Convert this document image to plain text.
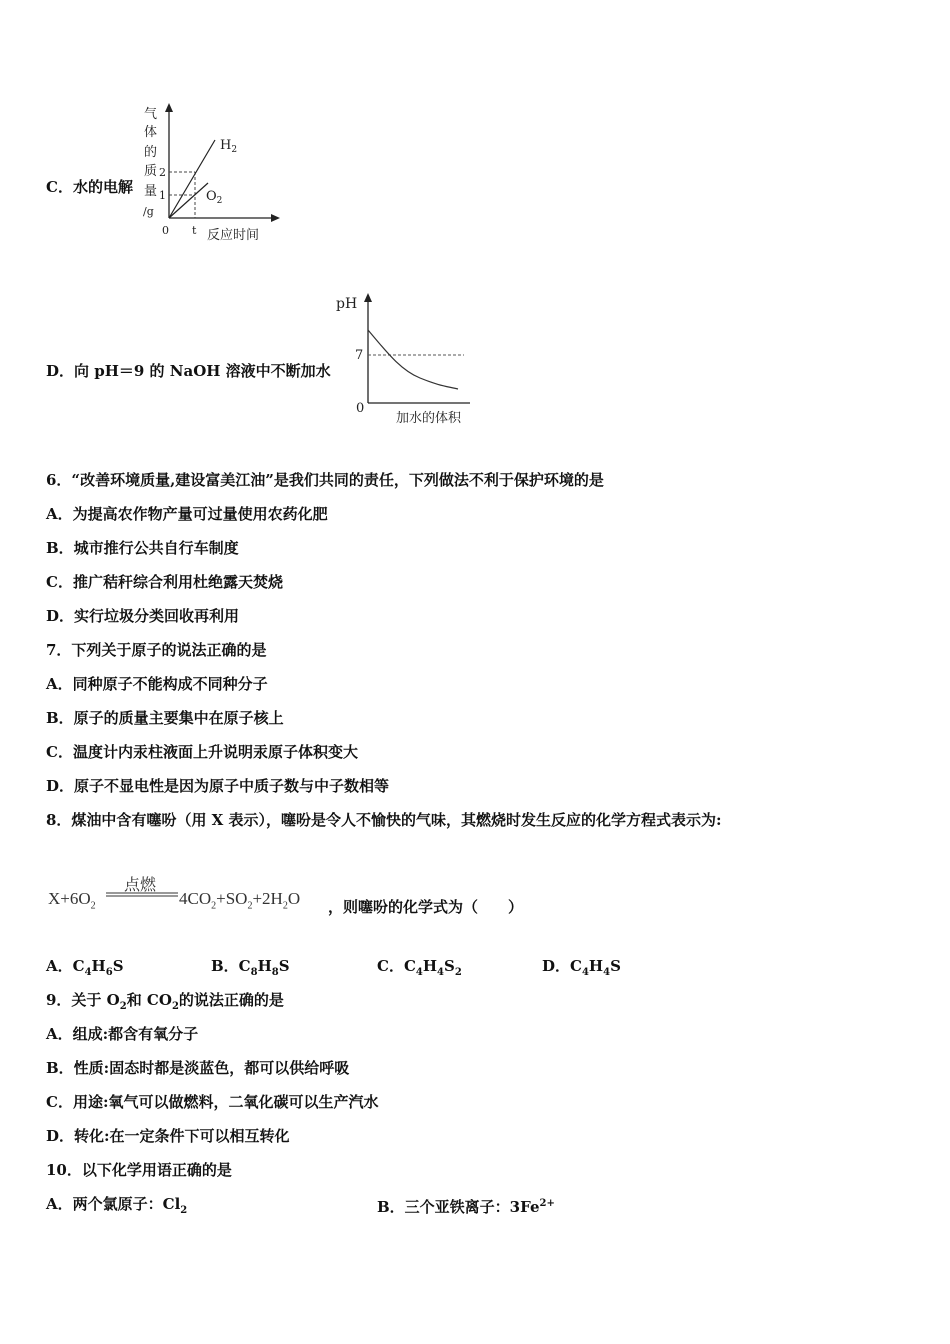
C．水的电解
气
体
的
质
量
/g
2
1
0 t 反应时间
$H_2$
$O_2$
D．向 pH＝9 的 NaOH 溶液中不断加水
pH
7
0
加水的体积
6．“改善环境质量,建设富美江油”是我们共同的责任，下列做法不利于保护环境的是
A．为提高农作物产量可过量使用农药化肥
B．城市推行公共自行车制度
C．推广秸秆综合利用杜绝露天焚烧
D．实行垃圾分类回收再利用
7．下列关于原子的说法正确的是
A．同种原子不能构成不同种分子
B．原子的质量主要集中在原子核上
C．温度计内汞柱液面上升说明汞原子体积变大
D．原子不显电性是因为原子中质子数与中子数相等
8．煤油中含有噻吩（用 X 表示），噻吩是令人不愉快的气味，其燃烧时发生反应的化学方程式表示为:
$X+6O_2$
点燃
$4CO_2+SO_2+2H_2O$ ，则噻吩的化学式为（　　）
A．$C_4H_6S$	B．$C_8H_8S$	C．$C_4H_4S_2$	D．$C_4H_4S$
9．关于 $O_2$和 $CO_2$的说法正确的是
A．组成:都含有氧分子
B．性质:固态时都是淡蓝色，都可以供给呼吸
C．用途:氧气可以做燃料，二氧化碳可以生产汽水
D．转化:在一定条件下可以相互转化
10．以下化学用语正确的是
A．两个氯原子：$Cl_2$	B．三个亚铁离子：$3Fe^{2+}$
